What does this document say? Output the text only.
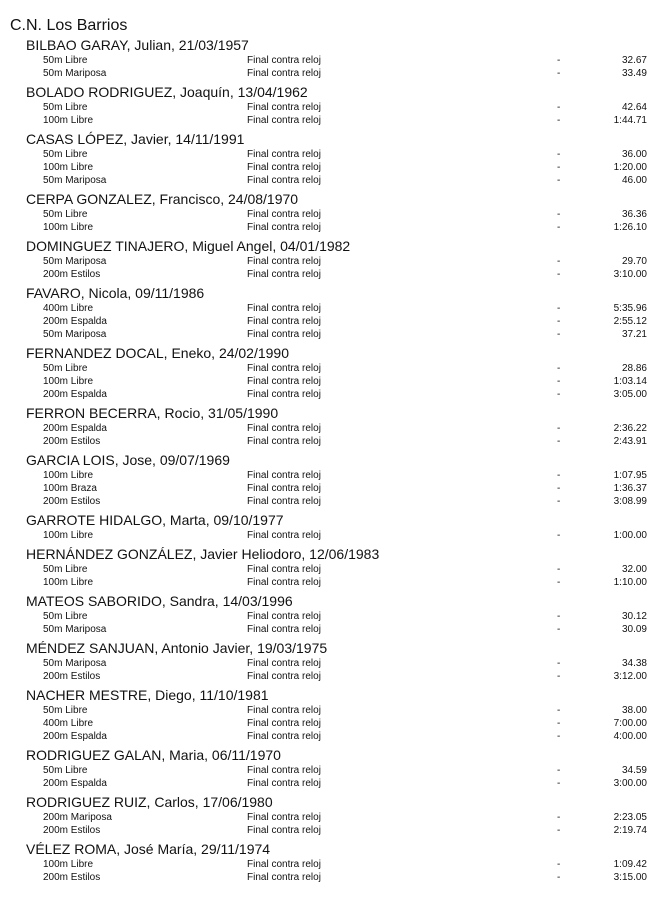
C.N. Los Barrios
BILBAO GARAY, Julian, 21/03/1957
50m Libre	Final contra reloj	-	32.67
50m Mariposa	Final contra reloj	-	33.49
BOLADO RODRIGUEZ, Joaquín, 13/04/1962
50m Libre	Final contra reloj	-	42.64
100m Libre	Final contra reloj	-	1:44.71
CASAS LÓPEZ, Javier, 14/11/1991
50m Libre	Final contra reloj	-	36.00
100m Libre	Final contra reloj	-	1:20.00
50m Mariposa	Final contra reloj	-	46.00
CERPA GONZALEZ, Francisco, 24/08/1970
50m Libre	Final contra reloj	-	36.36
100m Libre	Final contra reloj	-	1:26.10
DOMINGUEZ TINAJERO, Miguel Angel, 04/01/1982
50m Mariposa	Final contra reloj	-	29.70
200m Estilos	Final contra reloj	-	3:10.00
FAVARO, Nicola, 09/11/1986
400m Libre	Final contra reloj	-	5:35.96
200m Espalda	Final contra reloj	-	2:55.12
50m Mariposa	Final contra reloj	-	37.21
FERNANDEZ DOCAL, Eneko, 24/02/1990
50m Libre	Final contra reloj	-	28.86
100m Libre	Final contra reloj	-	1:03.14
200m Espalda	Final contra reloj	-	3:05.00
FERRON BECERRA, Rocio, 31/05/1990
200m Espalda	Final contra reloj	-	2:36.22
200m Estilos	Final contra reloj	-	2:43.91
GARCIA LOIS, Jose, 09/07/1969
100m Libre	Final contra reloj	-	1:07.95
100m Braza	Final contra reloj	-	1:36.37
200m Estilos	Final contra reloj	-	3:08.99
GARROTE HIDALGO, Marta, 09/10/1977
100m Libre	Final contra reloj	-	1:00.00
HERNÁNDEZ GONZÁLEZ, Javier Heliodoro, 12/06/1983
50m Libre	Final contra reloj	-	32.00
100m Libre	Final contra reloj	-	1:10.00
MATEOS SABORIDO, Sandra, 14/03/1996
50m Libre	Final contra reloj	-	30.12
50m Mariposa	Final contra reloj	-	30.09
MÉNDEZ SANJUAN, Antonio Javier, 19/03/1975
50m Mariposa	Final contra reloj	-	34.38
200m Estilos	Final contra reloj	-	3:12.00
NACHER MESTRE, Diego, 11/10/1981
50m Libre	Final contra reloj	-	38.00
400m Libre	Final contra reloj	-	7:00.00
200m Espalda	Final contra reloj	-	4:00.00
RODRIGUEZ GALAN, Maria, 06/11/1970
50m Libre	Final contra reloj	-	34.59
200m Espalda	Final contra reloj	-	3:00.00
RODRIGUEZ RUIZ, Carlos, 17/06/1980
200m Mariposa	Final contra reloj	-	2:23.05
200m Estilos	Final contra reloj	-	2:19.74
VÉLEZ ROMA, José María, 29/11/1974
100m Libre	Final contra reloj	-	1:09.42
200m Estilos	Final contra reloj	-	3:15.00
